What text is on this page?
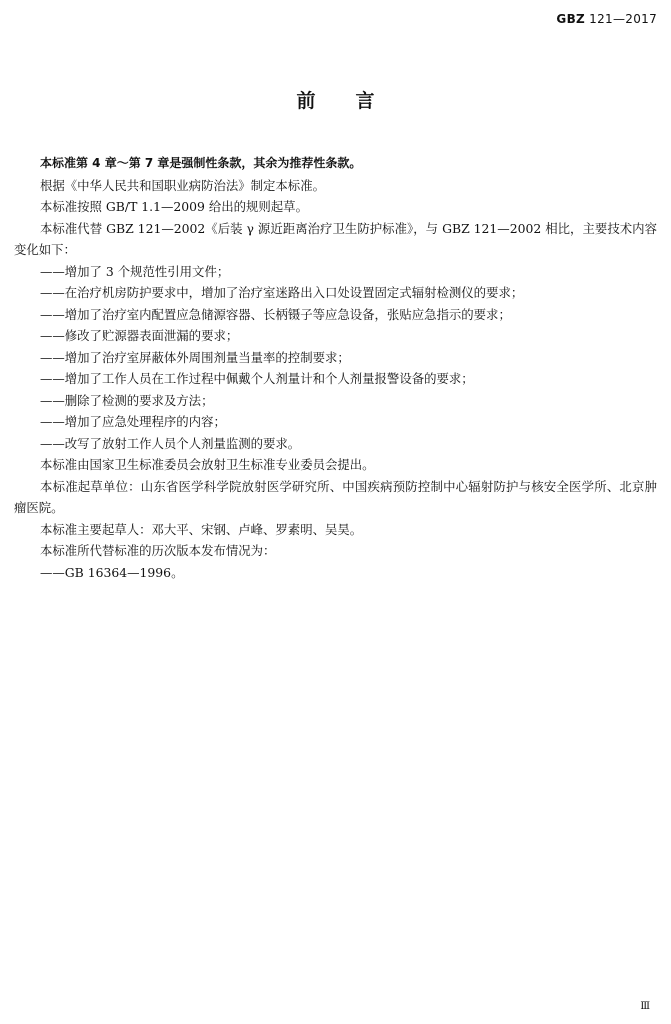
GBZ 121—2017
前言

本标准第 4 章～第 7 章是强制性条款，其余为推荐性条款。

根据《中华人民共和国职业病防治法》制定本标准。

本标准按照 GB/T 1.1—2009 给出的规则起草。

本标准代替 GBZ 121—2002《后装 γ 源近距离治疗卫生防护标准》，与 GBZ 121—2002 相比，主要技术内容变化如下：

——增加了 3 个规范性引用文件；

——在治疗机房防护要求中，增加了治疗室迷路出入口处设置固定式辐射检测仪的要求；

——增加了治疗室内配置应急储源容器、长柄镊子等应急设备，张贴应急指示的要求；

——修改了贮源器表面泄漏的要求；

——增加了治疗室屏蔽体外周围剂量当量率的控制要求；

——增加了工作人员在工作过程中佩戴个人剂量计和个人剂量报警设备的要求；

——删除了检测的要求及方法；

——增加了应急处理程序的内容；

——改写了放射工作人员个人剂量监测的要求。

本标准由国家卫生标准委员会放射卫生标准专业委员会提出。

本标准起草单位：山东省医学科学院放射医学研究所、中国疾病预防控制中心辐射防护与核安全医学所、北京肿瘤医院。

本标准主要起草人：邓大平、宋钢、卢峰、罗素明、吴昊。

本标准所代替标准的历次版本发布情况为：

——GB 16364—1996。

Ⅲ
